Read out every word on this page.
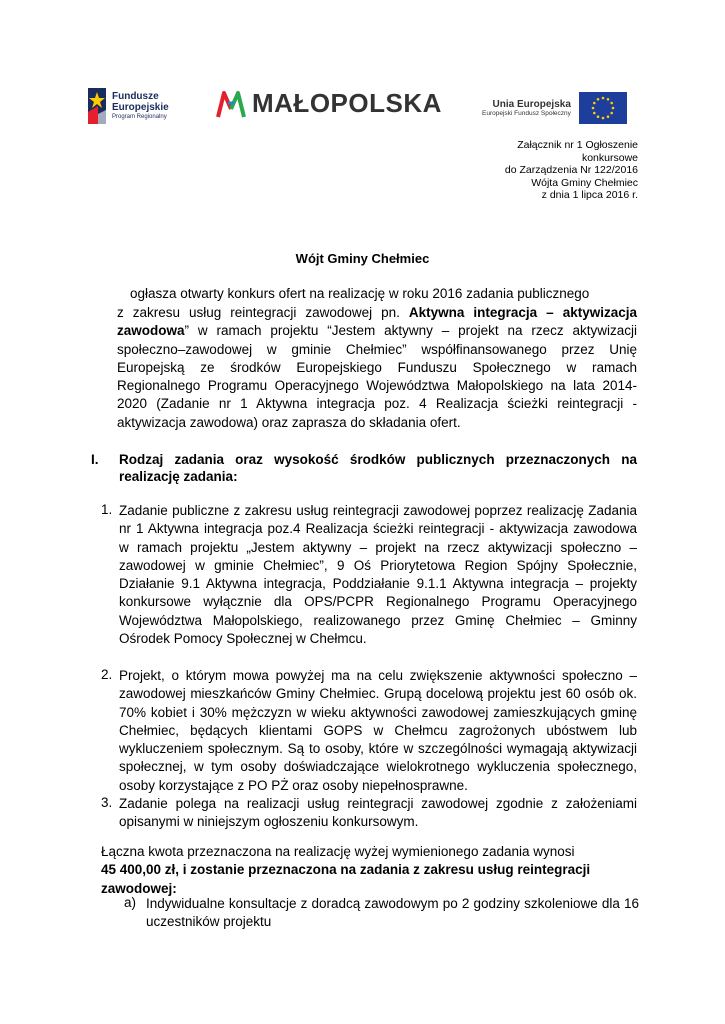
Fundusze
Europejskie
Program Regionalny	MAŁOPOLSKA	Unia Europejska
Europejski Fundusz Społeczny
Załącznik nr 1 Ogłoszenie
konkursowe
do Zarządzenia Nr 122/2016
Wójta Gminy Chełmiec
z dnia 1 lipca 2016 r.
Wójt Gminy Chełmiec
ogłasza otwarty konkurs ofert na realizację w roku 2016 zadania publicznego
z zakresu usług reintegracji zawodowej pn. Aktywna integracja – aktywizacja zawodowa” w ramach projektu “Jestem aktywny – projekt na rzecz aktywizacji społeczno–zawodowej w gminie Chełmiec” współfinansowanego przez Unię Europejską ze środków Europejskiego Funduszu Społecznego w ramach Regionalnego Programu Operacyjnego Województwa Małopolskiego na lata 2014-2020 (Zadanie nr 1 Aktywna integracja poz. 4 Realizacja ścieżki reintegracji - aktywizacja zawodowa) oraz zaprasza do składania ofert.
I. Rodzaj zadania oraz wysokość środków publicznych przeznaczonych na realizację zadania:
1. Zadanie publiczne z zakresu usług reintegracji zawodowej poprzez realizację Zadania nr 1 Aktywna integracja poz.4 Realizacja ścieżki reintegracji - aktywizacja zawodowa w ramach projektu „Jestem aktywny – projekt na rzecz aktywizacji społeczno – zawodowej w gminie Chełmiec”, 9 Oś Priorytetowa Region Spójny Społecznie, Działanie 9.1 Aktywna integracja, Poddziałanie 9.1.1 Aktywna integracja – projekty konkursowe wyłącznie dla OPS/PCPR Regionalnego Programu Operacyjnego Województwa Małopolskiego, realizowanego przez Gminę Chełmiec – Gminny Ośrodek Pomocy Społecznej w Chełmcu.
2. Projekt, o którym mowa powyżej ma na celu zwiększenie aktywności społeczno – zawodowej mieszkańców Gminy Chełmiec. Grupą docelową projektu jest 60 osób ok. 70% kobiet i 30% mężczyzn w wieku aktywności zawodowej zamieszkujących gminę Chełmiec, będących klientami GOPS w Chełmcu zagrożonych ubóstwem lub wykluczeniem społecznym. Są to osoby, które w szczególności wymagają aktywizacji społecznej, w tym osoby doświadczające wielokrotnego wykluczenia społecznego, osoby korzystające z PO PŻ oraz osoby niepełnosprawne.
3. Zadanie polega na realizacji usług reintegracji zawodowej zgodnie z założeniami opisanymi w niniejszym ogłoszeniu konkursowym.
Łączna kwota przeznaczona na realizację wyżej wymienionego zadania wynosi
45 400,00 zł, i zostanie przeznaczona na zadania z zakresu usług reintegracji zawodowej:
a) Indywidualne konsultacje z doradcą zawodowym po 2 godziny szkoleniowe dla 16 uczestników projektu
